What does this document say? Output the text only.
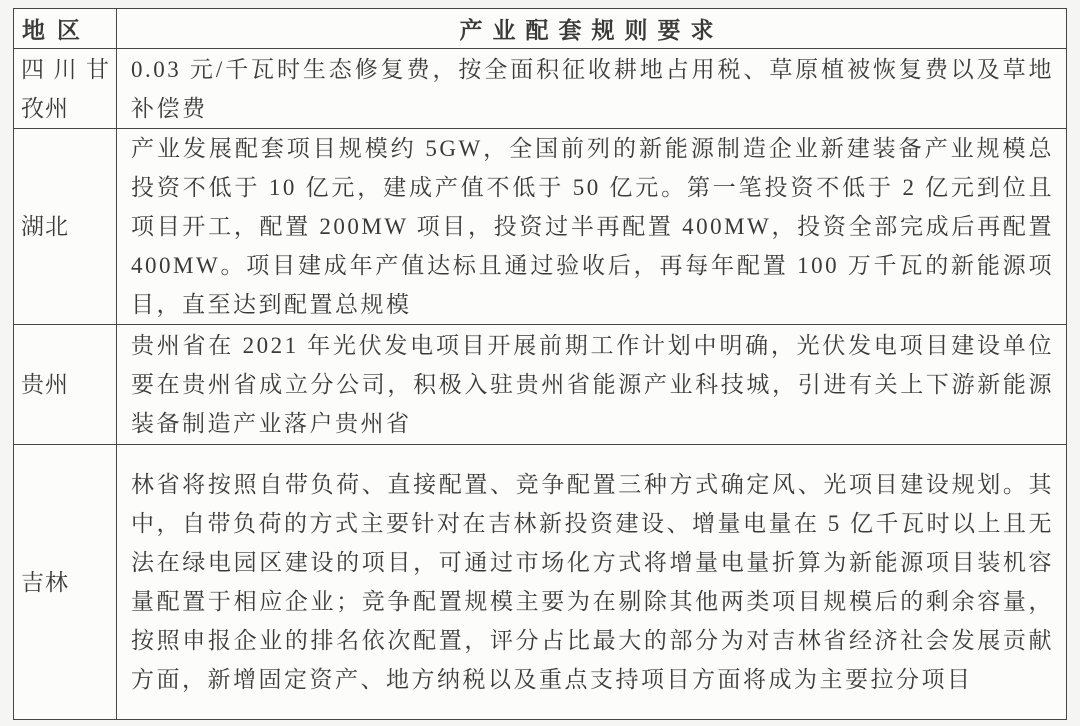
地区	产业配套规则要求
四川甘孜州	0.03 元/千瓦时生态修复费，按全面积征收耕地占用税、草原植被恢复费以及草地补偿费
湖北	产业发展配套项目规模约 5GW，全国前列的新能源制造企业新建装备产业规模总投资不低于 10 亿元，建成产值不低于 50 亿元。第一笔投资不低于 2 亿元到位且项目开工，配置 200MW 项目，投资过半再配置 400MW，投资全部完成后再配置 400MW。项目建成年产值达标且通过验收后，再每年配置 100 万千瓦的新能源项目，直至达到配置总规模
贵州	贵州省在 2021 年光伏发电项目开展前期工作计划中明确，光伏发电项目建设单位要在贵州省成立分公司，积极入驻贵州省能源产业科技城，引进有关上下游新能源装备制造产业落户贵州省
吉林	林省将按照自带负荷、直接配置、竞争配置三种方式确定风、光项目建设规划。其中，自带负荷的方式主要针对在吉林新投资建设、增量电量在 5 亿千瓦时以上且无法在绿电园区建设的项目，可通过市场化方式将增量电量折算为新能源项目装机容量配置于相应企业；竞争配置规模主要为在剔除其他两类项目规模后的剩余容量，按照申报企业的排名依次配置，评分占比最大的部分为对吉林省经济社会发展贡献方面，新增固定资产、地方纳税以及重点支持项目方面将成为主要拉分项目
